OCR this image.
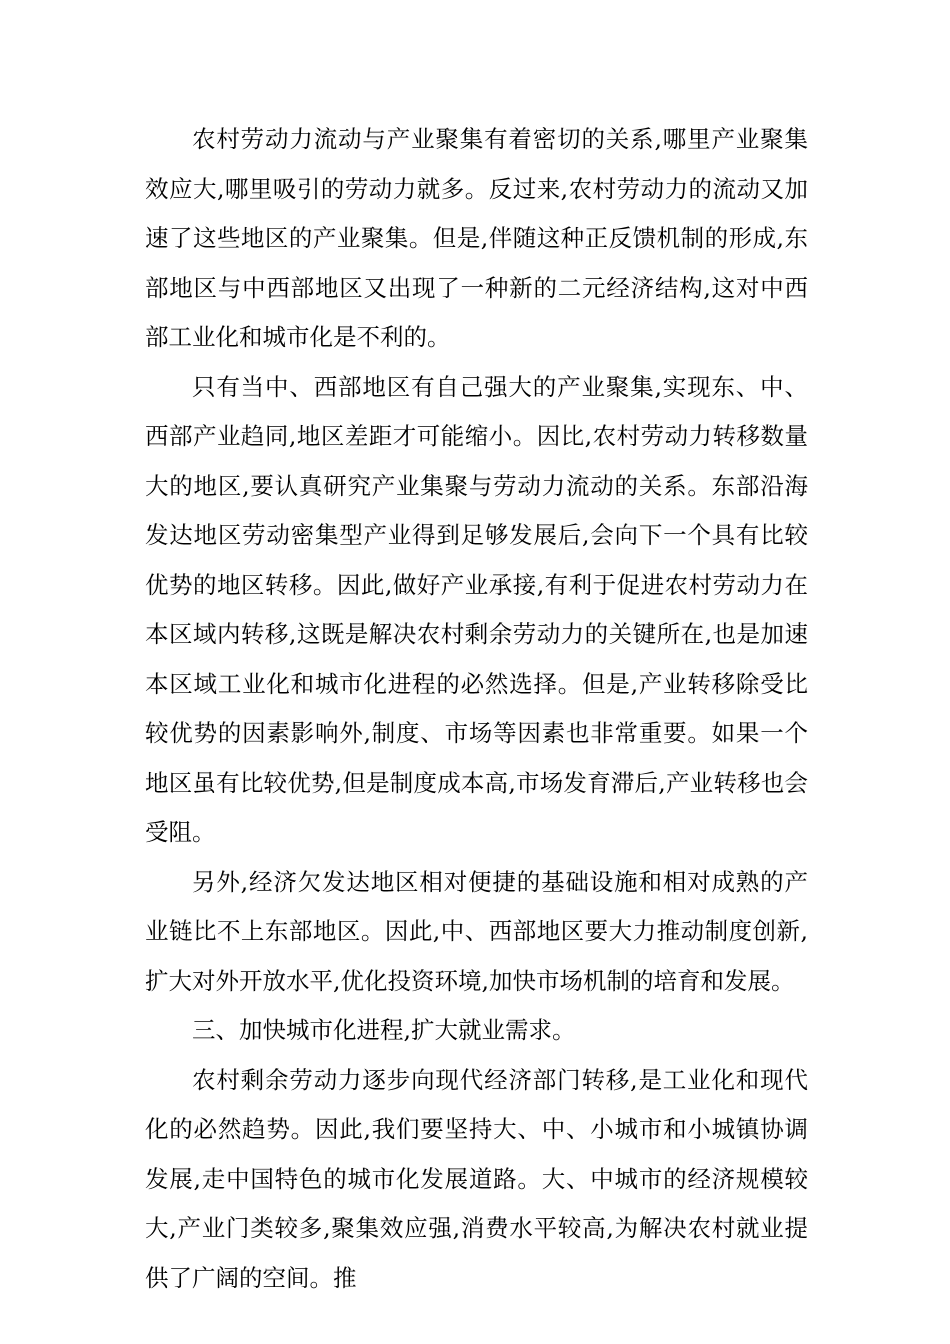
农村劳动力流动与产业聚集有着密切的关系,哪里产业聚集效应大,哪里吸引的劳动力就多。反过来,农村劳动力的流动又加速了这些地区的产业聚集。但是,伴随这种正反馈机制的形成,东部地区与中西部地区又出现了一种新的二元经济结构,这对中西部工业化和城市化是不利的。

只有当中、西部地区有自己强大的产业聚集,实现东、中、西部产业趋同,地区差距才可能缩小。因比,农村劳动力转移数量大的地区,要认真研究产业集聚与劳动力流动的关系。东部沿海发达地区劳动密集型产业得到足够发展后,会向下一个具有比较优势的地区转移。因此,做好产业承接,有利于促进农村劳动力在本区域内转移,这既是解决农村剩余劳动力的关键所在,也是加速本区域工业化和城市化进程的必然选择。但是,产业转移除受比较优势的因素影响外,制度、市场等因素也非常重要。如果一个地区虽有比较优势,但是制度成本高,市场发育滞后,产业转移也会受阻。

另外,经济欠发达地区相对便捷的基础设施和相对成熟的产业链比不上东部地区。因此,中、西部地区要大力推动制度创新,扩大对外开放水平,优化投资环境,加快市场机制的培育和发展。

三、加快城市化进程,扩大就业需求。

农村剩余劳动力逐步向现代经济部门转移,是工业化和现代化的必然趋势。因此,我们要坚持大、中、小城市和小城镇协调发展,走中国特色的城市化发展道路。大、中城市的经济规模较大,产业门类较多,聚集效应强,消费水平较高,为解决农村就业提供了广阔的空间。推
